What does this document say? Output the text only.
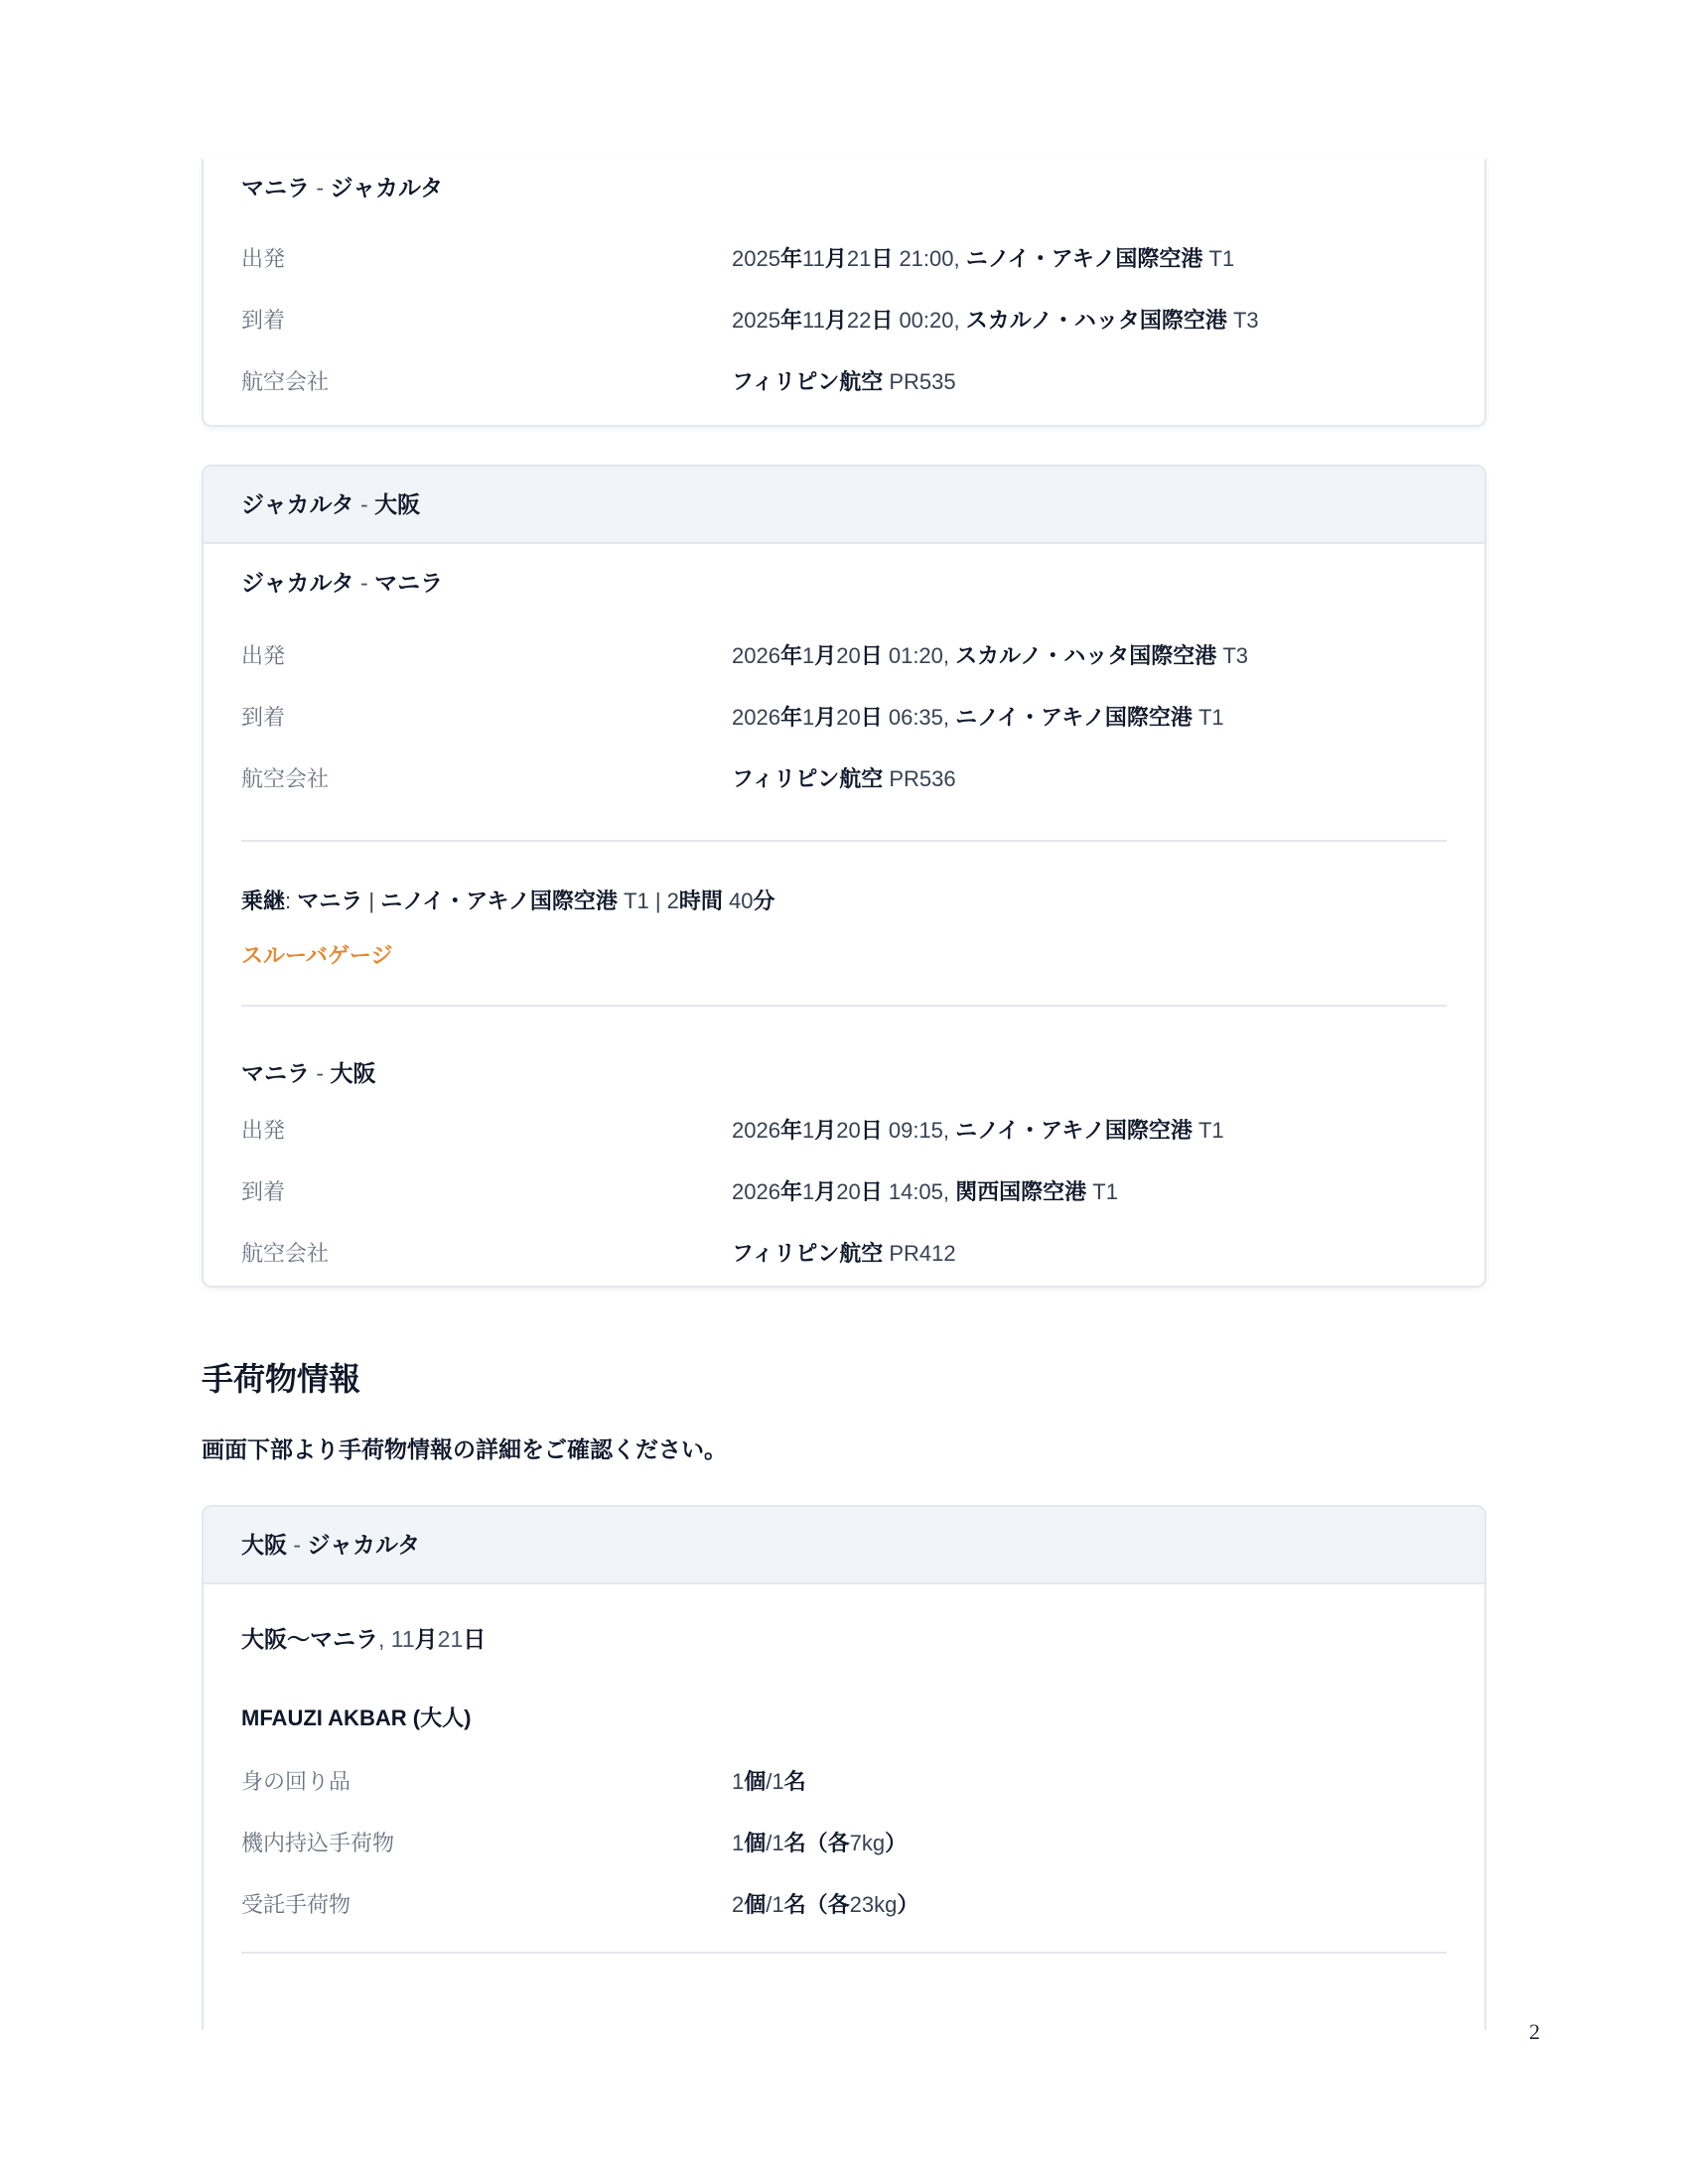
マニラ - ジャカルタ
出発	2025年11月21日 21:00, ニノイ・アキノ国際空港 T1
到着	2025年11月22日 00:20, スカルノ・ハッタ国際空港 T3
航空会社	フィリピン航空 PR535
ジャカルタ - 大阪
ジャカルタ - マニラ
出発	2026年1月20日 01:20, スカルノ・ハッタ国際空港 T3
到着	2026年1月20日 06:35, ニノイ・アキノ国際空港 T1
航空会社	フィリピン航空 PR536

乗継: マニラ | ニノイ・アキノ国際空港 T1 | 2時間 40分

スルーバゲージ

マニラ - 大阪
出発	2026年1月20日 09:15, ニノイ・アキノ国際空港 T1
到着	2026年1月20日 14:05, 関西国際空港 T1
航空会社	フィリピン航空 PR412
手荷物情報

画面下部より手荷物情報の詳細をご確認ください。

大阪 - ジャカルタ
大阪〜マニラ, 11月21日

MFAUZI AKBAR (大人)

身の回り品	1個/1名
機内持込手荷物	1個/1名（各7kg）
受託手荷物	2個/1名（各23kg）
2
